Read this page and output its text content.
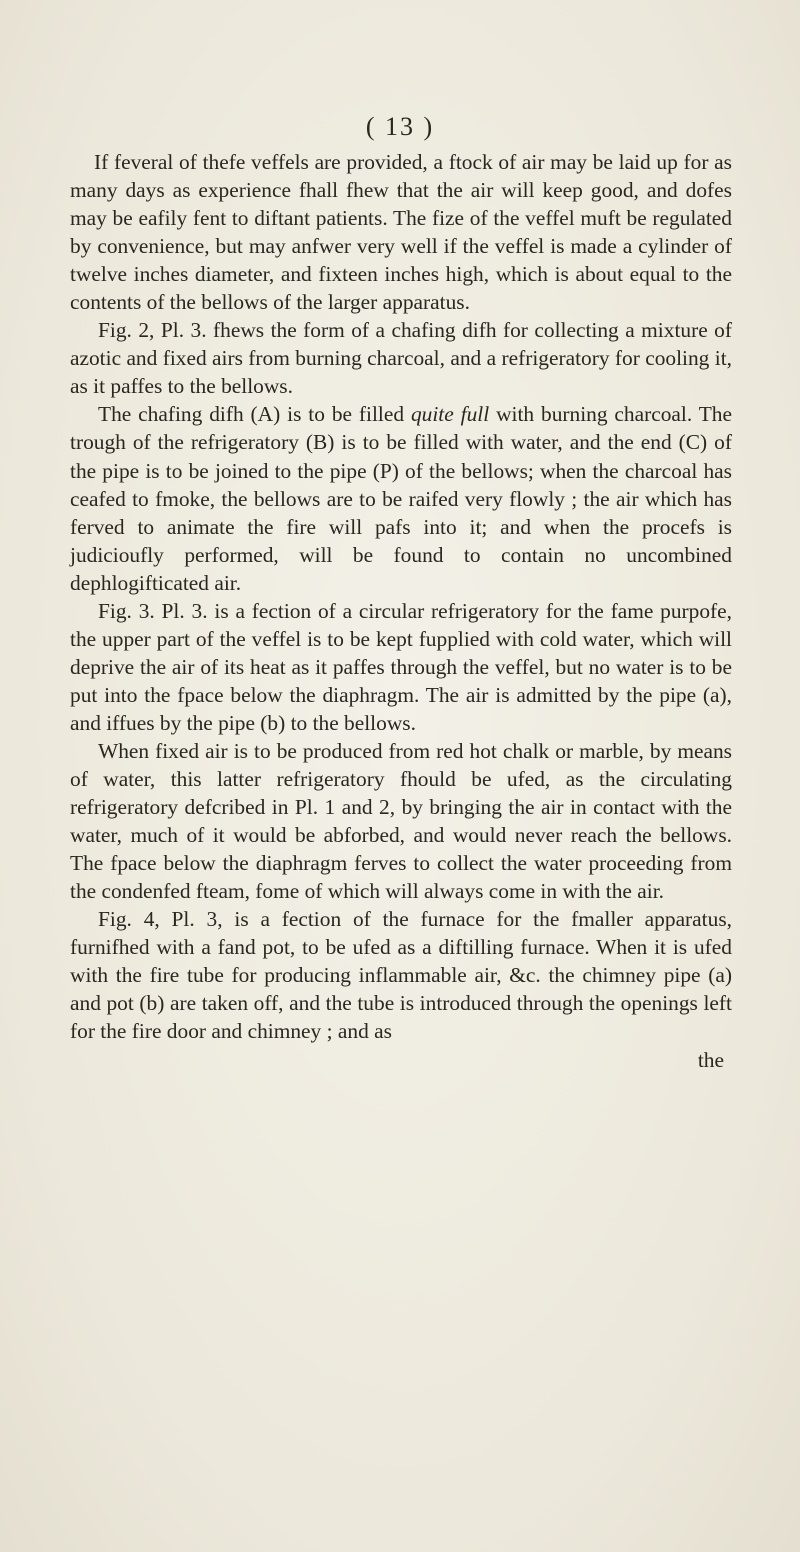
( 13 )

If feveral of thefe veffels are provided, a ftock of air may be laid up for as many days as experience fhall fhew that the air will keep good, and dofes may be eafily fent to diftant patients. The fize of the veffel muft be regulated by convenience, but may anfwer very well if the veffel is made a cylinder of twelve inches diameter, and fixteen inches high, which is about equal to the contents of the bellows of the larger apparatus.

Fig. 2, Pl. 3. fhews the form of a chafing difh for collecting a mixture of azotic and fixed airs from burning charcoal, and a refrigeratory for cooling it, as it paffes to the bellows.

The chafing difh (A) is to be filled quite full with burning charcoal. The trough of the refrigeratory (B) is to be filled with water, and the end (C) of the pipe is to be joined to the pipe (P) of the bellows; when the charcoal has ceafed to fmoke, the bellows are to be raifed very flowly ; the air which has ferved to animate the fire will pafs into it; and when the procefs is judicioufly performed, will be found to contain no uncombined dephlogifticated air.

Fig. 3. Pl. 3. is a fection of a circular refrigeratory for the fame purpofe, the upper part of the veffel is to be kept fupplied with cold water, which will deprive the air of its heat as it paffes through the veffel, but no water is to be put into the fpace below the diaphragm. The air is admitted by the pipe (a), and iffues by the pipe (b) to the bellows.

When fixed air is to be produced from red hot chalk or marble, by means of water, this latter refrigeratory fhould be ufed, as the circulating refrigeratory defcribed in Pl. 1 and 2, by bringing the air in contact with the water, much of it would be abforbed, and would never reach the bellows. The fpace below the diaphragm ferves to collect the water proceeding from the condenfed fteam, fome of which will always come in with the air.

Fig. 4, Pl. 3, is a fection of the furnace for the fmaller apparatus, furnifhed with a fand pot, to be ufed as a diftilling furnace. When it is ufed with the fire tube for producing inflammable air, &c. the chimney pipe (a) and pot (b) are taken off, and the tube is introduced through the openings left for the fire door and chimney ; and as

the
